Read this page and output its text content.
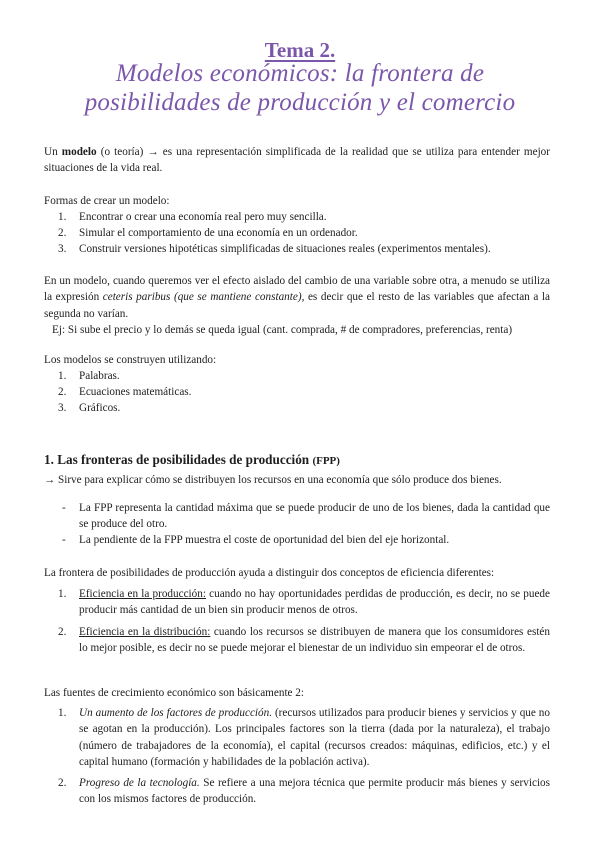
Tema 2.
Modelos económicos: la frontera de
posibilidades de producción y el comercio
Un modelo (o teoría) → es una representación simplificada de la realidad que se utiliza para entender mejor situaciones de la vida real.
Formas de crear un modelo:
1.	Encontrar o crear una economía real pero muy sencilla.
2.	Simular el comportamiento de una economía en un ordenador.
3.	Construir versiones hipotéticas simplificadas de situaciones reales (experimentos mentales).
En un modelo, cuando queremos ver el efecto aislado del cambio de una variable sobre otra, a menudo se utiliza la expresión ceteris paribus (que se mantiene constante), es decir que el resto de las variables que afectan a la segunda no varían.
Ej: Si sube el precio y lo demás se queda igual (cant. comprada, # de compradores, preferencias, renta)
Los modelos se construyen utilizando:
1.	Palabras.
2.	Ecuaciones matemáticas.
3.	Gráficos.
1. Las fronteras de posibilidades de producción (FPP)
→ Sirve para explicar cómo se distribuyen los recursos en una economía que sólo produce dos bienes.
-	La FPP representa la cantidad máxima que se puede producir de uno de los bienes, dada la cantidad que se produce del otro.
-	La pendiente de la FPP muestra el coste de oportunidad del bien del eje horizontal.
La frontera de posibilidades de producción ayuda a distinguir dos conceptos de eficiencia diferentes:
1.	Eficiencia en la producción: cuando no hay oportunidades perdidas de producción, es decir, no se puede producir más cantidad de un bien sin producir menos de otros.
2.	Eficiencia en la distribución: cuando los recursos se distribuyen de manera que los consumidores estén lo mejor posible, es decir no se puede mejorar el bienestar de un individuo sin empeorar el de otros.
Las fuentes de crecimiento económico son básicamente 2:
1.	Un aumento de los factores de producción. (recursos utilizados para producir bienes y servicios y que no se agotan en la producción). Los principales factores son la tierra (dada por la naturaleza), el trabajo (número de trabajadores de la economía), el capital (recursos creados: máquinas, edificios, etc.) y el capital humano (formación y habilidades de la población activa).
2.	Progreso de la tecnología. Se refiere a una mejora técnica que permite producir más bienes y servicios con los mismos factores de producción.
